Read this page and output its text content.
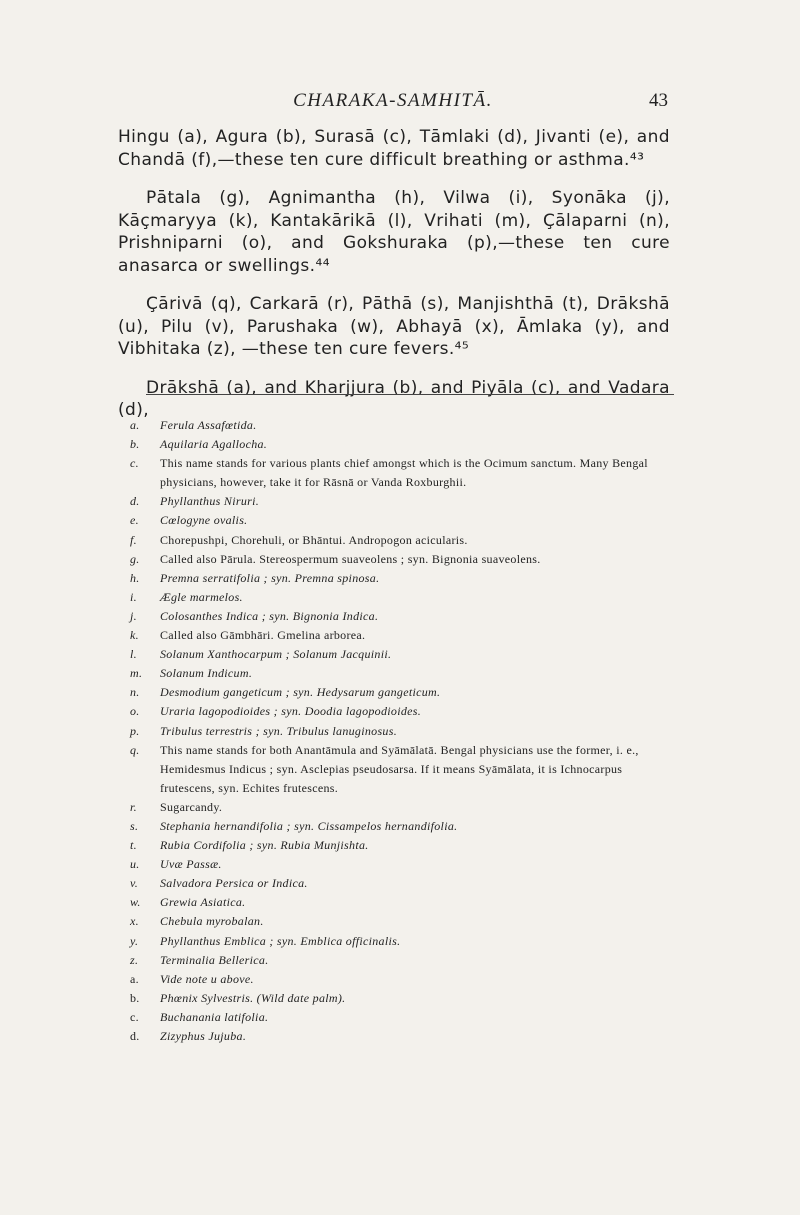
CHARAKA-SAMHITĀ.	43

Hingu (a), Agura (b), Surasā (c), Tāmlaki (d), Jivanti (e), and Chandā (f),—these ten cure difficult breathing or asthma.⁴³

Pātala (g), Agnimantha (h), Vilwa (i), Syonāka (j), Kāçmaryya (k), Kantakārikā (l), Vrihati (m), Çālaparni (n), Prishniparni (o), and Gokshuraka (p),—these ten cure anasarca or swellings.⁴⁴

Çārivā (q), Carkarā (r), Pāthā (s), Manjishthā (t), Drākshā (u), Pilu (v), Parushaka (w), Abhayā (x), Āmlaka (y), and Vibhitaka (z), —these ten cure fevers.⁴⁵

Drākshā (a), and Kharjjura (b), and Piyāla (c), and Vadara (d),

a.	Ferula Assafœtida.
b.	Aquilaria Agallocha.
c.	This name stands for various plants chief amongst which is the Ocimum sanctum. Many Bengal physicians, however, take it for Rāsnā or Vanda Roxburghii.
d.	Phyllanthus Niruri.
e.	Cœlogyne ovalis.
f.	Chorepushpi, Chorehuli, or Bhāntui. Andropogon acicularis.
g.	Called also Pārula. Stereospermum suaveolens ; syn. Bignonia suaveolens.
h.	Premna serratifolia ; syn. Premna spinosa.
i.	Ægle marmelos.
j.	Colosanthes Indica ; syn. Bignonia Indica.
k.	Called also Gāmbhāri. Gmelina arborea.
l.	Solanum Xanthocarpum ; Solanum Jacquinii.
m.	Solanum Indicum.
n.	Desmodium gangeticum ; syn. Hedysarum gangeticum.
o.	Uraria lagopodioides ; syn. Doodia lagopodioides.
p.	Tribulus terrestris ; syn. Tribulus lanuginosus.
q.	This name stands for both Anantāmula and Syāmālatā. Bengal physicians use the former, i. e., Hemidesmus Indicus ; syn. Asclepias pseudosarsa. If it means Syāmālata, it is Ichnocarpus frutescens, syn. Echites frutescens.
r.	Sugarcandy.
s.	Stephania hernandifolia ; syn. Cissampelos hernandifolia.
t.	Rubia Cordifolia ; syn. Rubia Munjishta.
u.	Uvæ Passæ.
v.	Salvadora Persica or Indica.
w.	Grewia Asiatica.
x.	Chebula myrobalan.
y.	Phyllanthus Emblica ; syn. Emblica officinalis.
z.	Terminalia Bellerica.
a.	Vide note u above.
b.	Phœnix Sylvestris. (Wild date palm).
c.	Buchanania latifolia.
d.	Zizyphus Jujuba.
